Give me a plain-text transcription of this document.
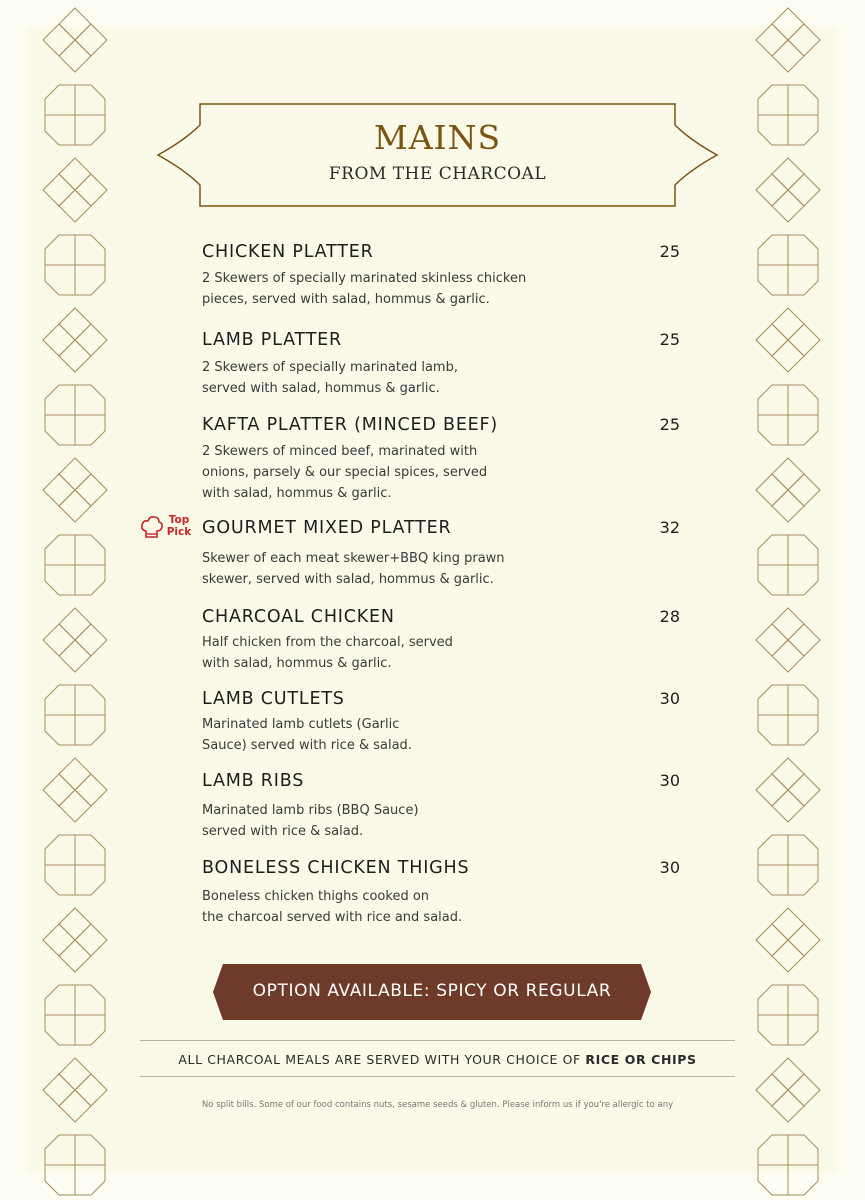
MAINS
FROM THE CHARCOAL
CHICKEN PLATTER	25
2 Skewers of specially marinated skinless chicken
pieces, served with salad, hommus & garlic.
LAMB PLATTER	25
2 Skewers of specially marinated lamb,
served with salad, hommus & garlic.
KAFTA PLATTER (MINCED BEEF)	25
2 Skewers of minced beef, marinated with
onions, parsely & our special spices, served
with salad, hommus & garlic.
Top
Pick GOURMET MIXED PLATTER	32
Skewer of each meat skewer+BBQ king prawn
skewer, served with salad, hommus & garlic.
CHARCOAL CHICKEN	28
Half chicken from the charcoal, served
with salad, hommus & garlic.
LAMB CUTLETS	30
Marinated lamb cutlets (Garlic
Sauce) served with rice & salad.
LAMB RIBS	30
Marinated lamb ribs (BBQ Sauce)
served with rice & salad.
BONELESS CHICKEN THIGHS	30
Boneless chicken thighs cooked on
the charcoal served with rice and salad.
OPTION AVAILABLE: SPICY OR REGULAR
ALL CHARCOAL MEALS ARE SERVED WITH YOUR CHOICE OF RICE OR CHIPS
No split bills. Some of our food contains nuts, sesame seeds & gluten. Please inform us if you're allergic to any
